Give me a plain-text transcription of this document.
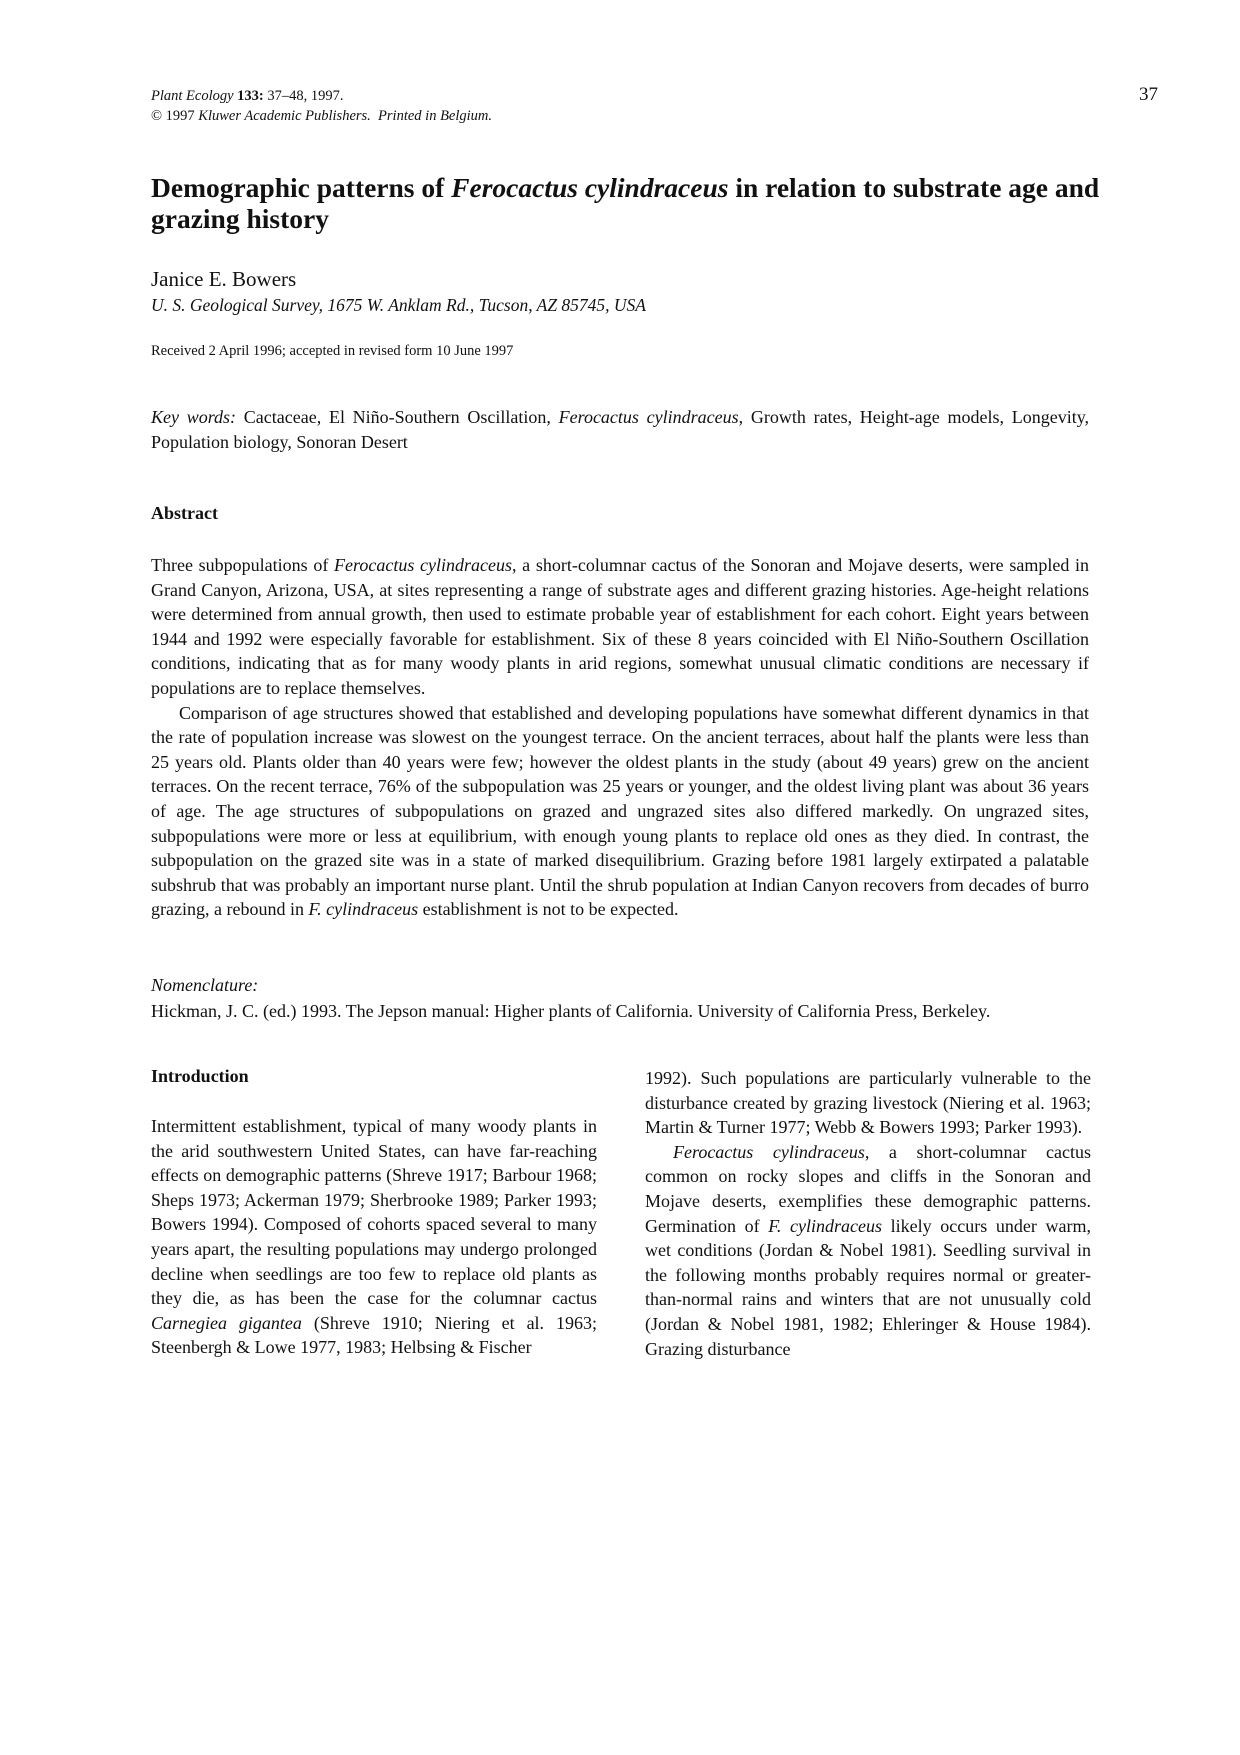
Plant Ecology 133: 37–48, 1997.
© 1997 Kluwer Academic Publishers. Printed in Belgium.
37
Demographic patterns of Ferocactus cylindraceus in relation to substrate age and grazing history
Janice E. Bowers
U. S. Geological Survey, 1675 W. Anklam Rd., Tucson, AZ 85745, USA
Received 2 April 1996; accepted in revised form 10 June 1997
Key words: Cactaceae, El Niño-Southern Oscillation, Ferocactus cylindraceus, Growth rates, Height-age models, Longevity, Population biology, Sonoran Desert
Abstract

Three subpopulations of Ferocactus cylindraceus, a short-columnar cactus of the Sonoran and Mojave deserts, were sampled in Grand Canyon, Arizona, USA, at sites representing a range of substrate ages and different grazing histories. Age-height relations were determined from annual growth, then used to estimate probable year of establishment for each cohort. Eight years between 1944 and 1992 were especially favorable for establishment. Six of these 8 years coincided with El Niño-Southern Oscillation conditions, indicating that as for many woody plants in arid regions, somewhat unusual climatic conditions are necessary if populations are to replace themselves.

Comparison of age structures showed that established and developing populations have somewhat different dynamics in that the rate of population increase was slowest on the youngest terrace. On the ancient terraces, about half the plants were less than 25 years old. Plants older than 40 years were few; however the oldest plants in the study (about 49 years) grew on the ancient terraces. On the recent terrace, 76% of the subpopulation was 25 years or younger, and the oldest living plant was about 36 years of age. The age structures of subpopulations on grazed and ungrazed sites also differed markedly. On ungrazed sites, subpopulations were more or less at equilibrium, with enough young plants to replace old ones as they died. In contrast, the subpopulation on the grazed site was in a state of marked disequilibrium. Grazing before 1981 largely extirpated a palatable subshrub that was probably an important nurse plant. Until the shrub population at Indian Canyon recovers from decades of burro grazing, a rebound in F. cylindraceus establishment is not to be expected.

Nomenclature:
Hickman, J. C. (ed.) 1993. The Jepson manual: Higher plants of California. University of California Press, Berkeley.
Introduction

Intermittent establishment, typical of many woody plants in the arid southwestern United States, can have far-reaching effects on demographic patterns (Shreve 1917; Barbour 1968; Sheps 1973; Ackerman 1979; Sherbrooke 1989; Parker 1993; Bowers 1994). Composed of cohorts spaced several to many years apart, the resulting populations may undergo prolonged decline when seedlings are too few to replace old plants as they die, as has been the case for the columnar cactus Carnegiea gigantea (Shreve 1910; Niering et al. 1963; Steenbergh & Lowe 1977, 1983; Helbsing & Fischer

1992). Such populations are particularly vulnerable to the disturbance created by grazing livestock (Niering et al. 1963; Martin & Turner 1977; Webb & Bowers 1993; Parker 1993).

Ferocactus cylindraceus, a short-columnar cactus common on rocky slopes and cliffs in the Sonoran and Mojave deserts, exemplifies these demographic patterns. Germination of F. cylindraceus likely occurs under warm, wet conditions (Jordan & Nobel 1981). Seedling survival in the following months probably requires normal or greater-than-normal rains and winters that are not unusually cold (Jordan & Nobel 1981, 1982; Ehleringer & House 1984). Grazing disturbance
